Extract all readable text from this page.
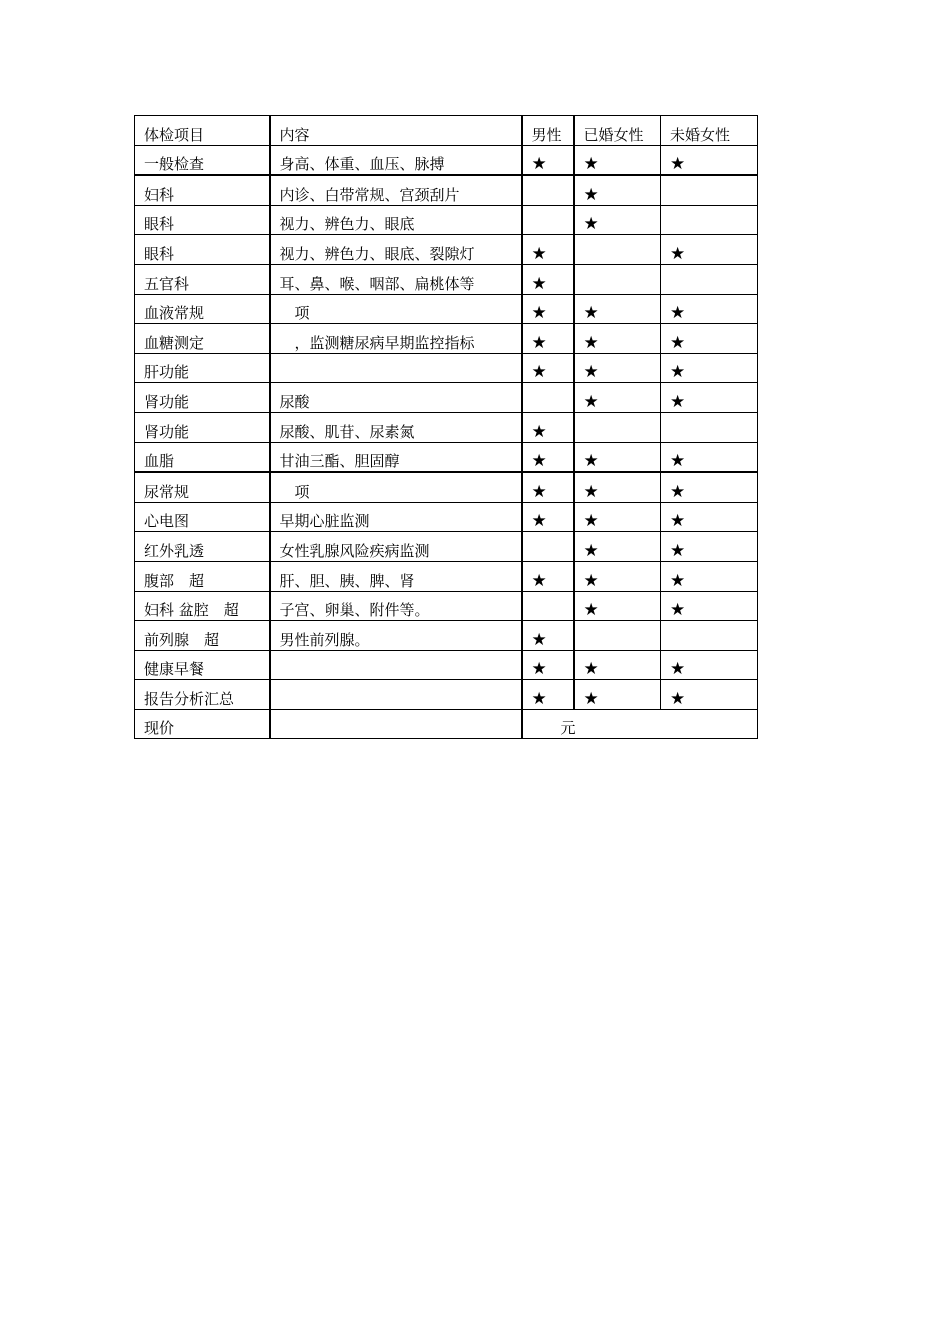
体检项目	内容	男性	已婚女性	未婚女性
一般检查	身高、体重、血压、脉搏	★	★	★
妇科	内诊、白带常规、宫颈刮片		★	
眼科	视力、辨色力、眼底		★	
眼科	视力、辨色力、眼底、裂隙灯	★		★
五官科	耳、鼻、喉、咽部、扁桃体等	★		
血液常规	　项	★	★	★
血糖测定	　，监测糖尿病早期监控指标	★	★	★
肝功能		★	★	★
肾功能	尿酸		★	★
肾功能	尿酸、肌苷、尿素氮	★		
血脂	甘油三酯、胆固醇	★	★	★
尿常规	　项	★	★	★
心电图	早期心脏监测	★	★	★
红外乳透	女性乳腺风险疾病监测		★	★
腹部　超	肝、胆、胰、脾、肾	★	★	★
妇科 盆腔　超	子宫、卵巢、附件等。		★	★
前列腺　超	男性前列腺。	★		
健康早餐		★	★	★
报告分析汇总		★	★	★
现价		元		
